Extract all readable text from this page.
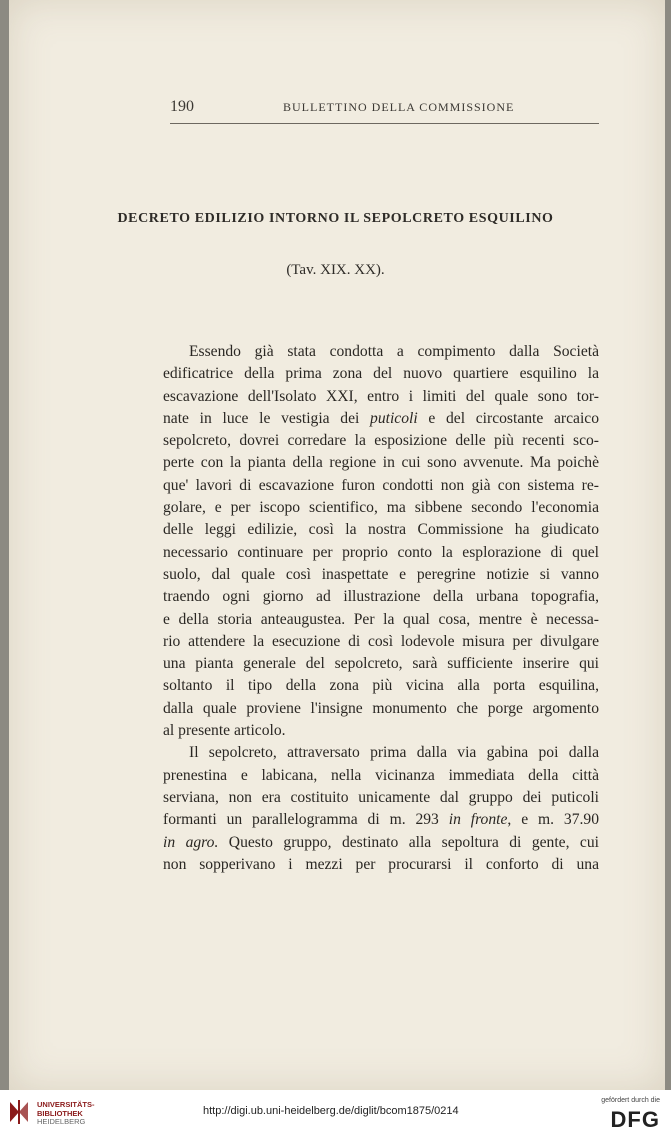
190	BULLETTINO DELLA COMMISSIONE
DECRETO EDILIZIO INTORNO IL SEPOLCRETO ESQUILINO
(Tav. XIX. XX).
Essendo già stata condotta a compimento dalla Società
edificatrice della prima zona del nuovo quartiere esquilino la
escavazione dell'Isolato XXI, entro i limiti del quale sono tor-
nate in luce le vestigia dei puticoli e del circostante arcaico
sepolcreto, dovrei corredare la esposizione delle più recenti sco-
perte con la pianta della regione in cui sono avvenute. Ma poichè
que' lavori di escavazione furon condotti non già con sistema re-
golare, e per iscopo scientifico, ma sibbene secondo l'economia
delle leggi edilizie, così la nostra Commissione ha giudicato
necessario continuare per proprio conto la esplorazione di quel
suolo, dal quale così inaspettate e peregrine notizie si vanno
traendo ogni giorno ad illustrazione della urbana topografia,
e della storia anteaugustea. Per la qual cosa, mentre è necessa-
rio attendere la esecuzione di così lodevole misura per divulgare
una pianta generale del sepolcreto, sarà sufficiente inserire qui
soltanto il tipo della zona più vicina alla porta esquilina,
dalla quale proviene l'insigne monumento che porge argomento
al presente articolo.
Il sepolcreto, attraversato prima dalla via gabina poi dalla
prenestina e labicana, nella vicinanza immediata della città
serviana, non era costituito unicamente dal gruppo dei puticoli
formanti un parallelogramma di m. 293 in fronte, e m. 37.90
in agro. Questo gruppo, destinato alla sepoltura di gente, cui
non sopperivano i mezzi per procurarsi il conforto di una
UNIVERSITÄTS-
BIBLIOTHEK
HEIDELBERG
http://digi.ub.uni-heidelberg.de/diglit/bcom1875/0214
gefördert durch die
DFG
